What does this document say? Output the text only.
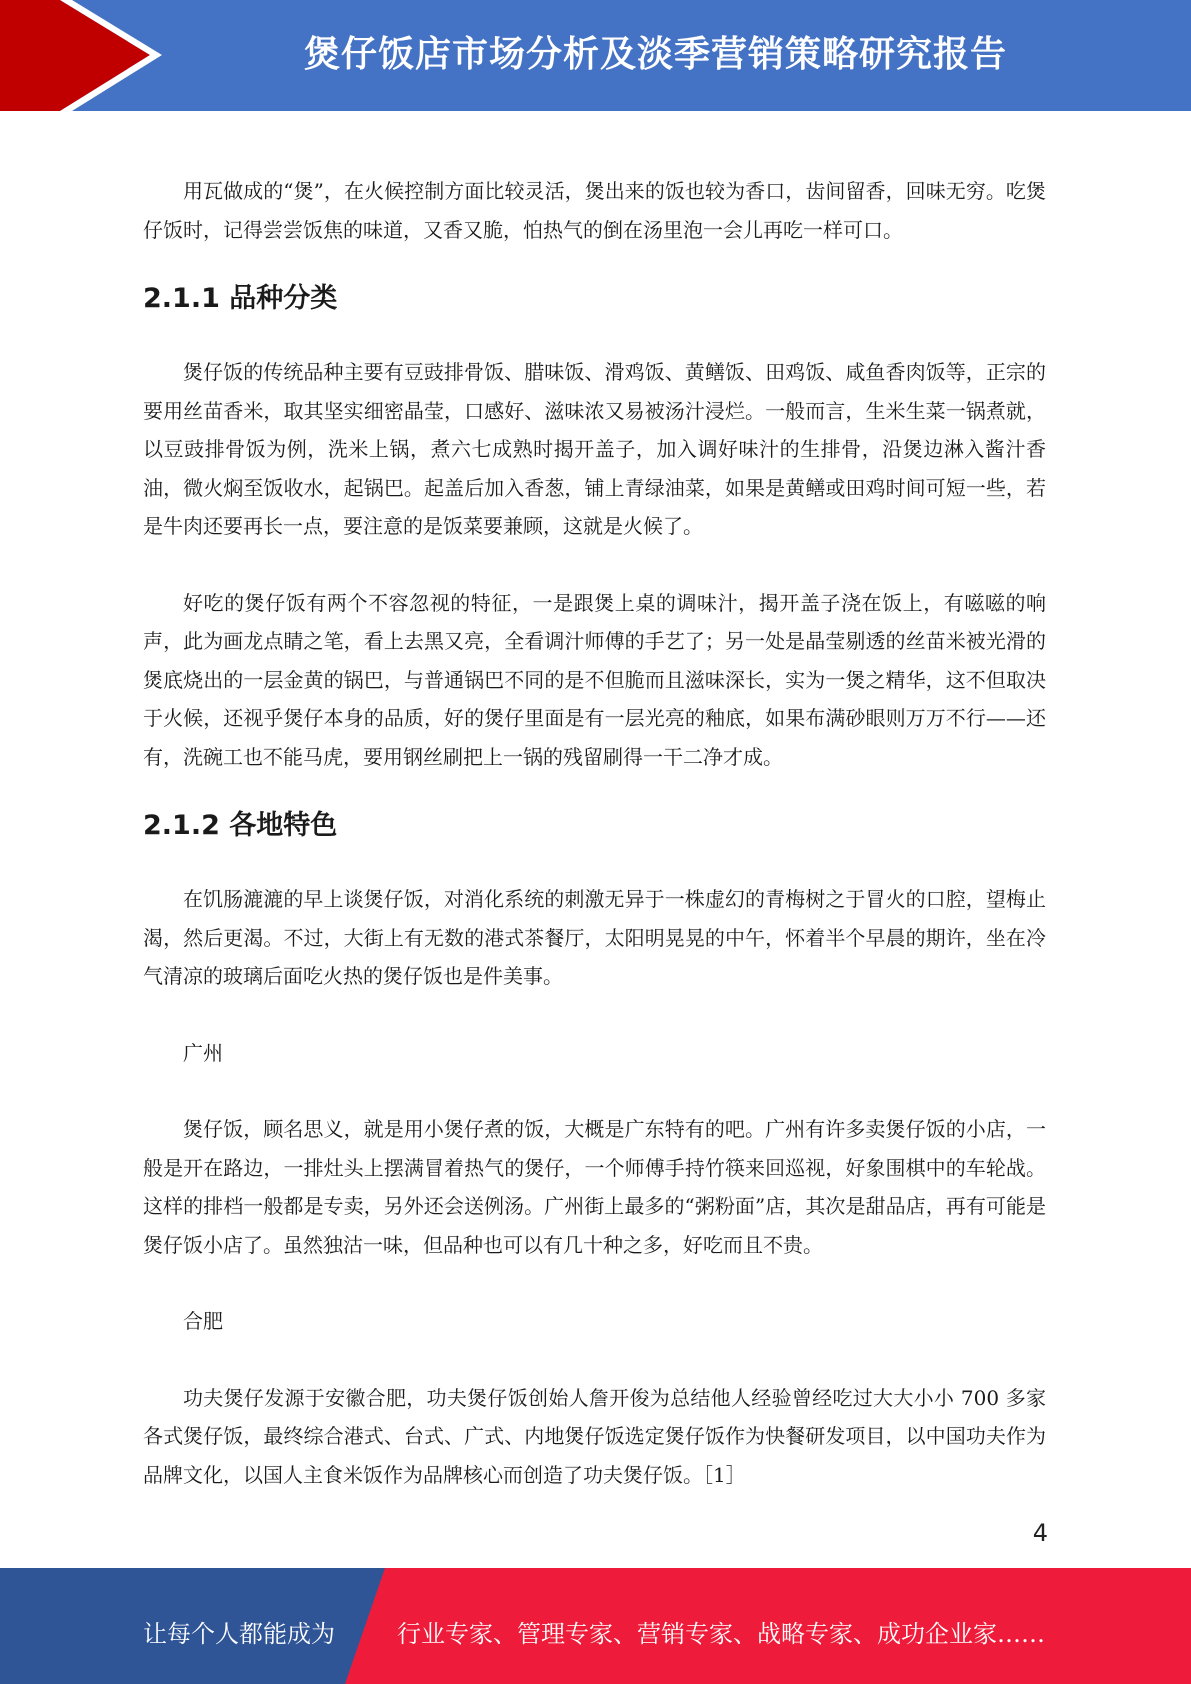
煲仔饭店市场分析及淡季营销策略研究报告

用瓦做成的“煲”，在火候控制方面比较灵活，煲出来的饭也较为香口，齿间留香，回味无穷。吃煲仔饭时，记得尝尝饭焦的味道，又香又脆，怕热气的倒在汤里泡一会儿再吃一样可口。

2.1.1 品种分类

煲仔饭的传统品种主要有豆豉排骨饭、腊味饭、滑鸡饭、黄鳝饭、田鸡饭、咸鱼香肉饭等，正宗的要用丝苗香米，取其坚实细密晶莹，口感好、滋味浓又易被汤汁浸烂。一般而言，生米生菜一锅煮就，以豆豉排骨饭为例，洗米上锅，煮六七成熟时揭开盖子，加入调好味汁的生排骨，沿煲边淋入酱汁香油，微火焖至饭收水，起锅巴。起盖后加入香葱，铺上青绿油菜，如果是黄鳝或田鸡时间可短一些，若是牛肉还要再长一点，要注意的是饭菜要兼顾，这就是火候了。

好吃的煲仔饭有两个不容忽视的特征，一是跟煲上桌的调味汁，揭开盖子浇在饭上，有嗞嗞的响声，此为画龙点睛之笔，看上去黑又亮，全看调汁师傅的手艺了；另一处是晶莹剔透的丝苗米被光滑的煲底烧出的一层金黄的锅巴，与普通锅巴不同的是不但脆而且滋味深长，实为一煲之精华，这不但取决于火候，还视乎煲仔本身的品质，好的煲仔里面是有一层光亮的釉底，如果布满砂眼则万万不行——还有，洗碗工也不能马虎，要用钢丝刷把上一锅的残留刷得一干二净才成。

2.1.2 各地特色

在饥肠漉漉的早上谈煲仔饭，对消化系统的刺激无异于一株虚幻的青梅树之于冒火的口腔，望梅止渴，然后更渴。不过，大街上有无数的港式茶餐厅，太阳明晃晃的中午，怀着半个早晨的期许，坐在冷气清凉的玻璃后面吃火热的煲仔饭也是件美事。

广州

煲仔饭，顾名思义，就是用小煲仔煮的饭，大概是广东特有的吧。广州有许多卖煲仔饭的小店，一般是开在路边，一排灶头上摆满冒着热气的煲仔，一个师傅手持竹筷来回巡视，好象围棋中的车轮战。这样的排档一般都是专卖，另外还会送例汤。广州街上最多的“粥粉面”店，其次是甜品店，再有可能是煲仔饭小店了。虽然独沽一味，但品种也可以有几十种之多，好吃而且不贵。

合肥

功夫煲仔发源于安徽合肥，功夫煲仔饭创始人詹开俊为总结他人经验曾经吃过大大小小 700 多家各式煲仔饭，最终综合港式、台式、广式、内地煲仔饭选定煲仔饭作为快餐研发项目，以中国功夫作为品牌文化，以国人主食米饭作为品牌核心而创造了功夫煲仔饭。［1］

4
让每个人都能成为	行业专家、管理专家、营销专家、战略专家、成功企业家……
